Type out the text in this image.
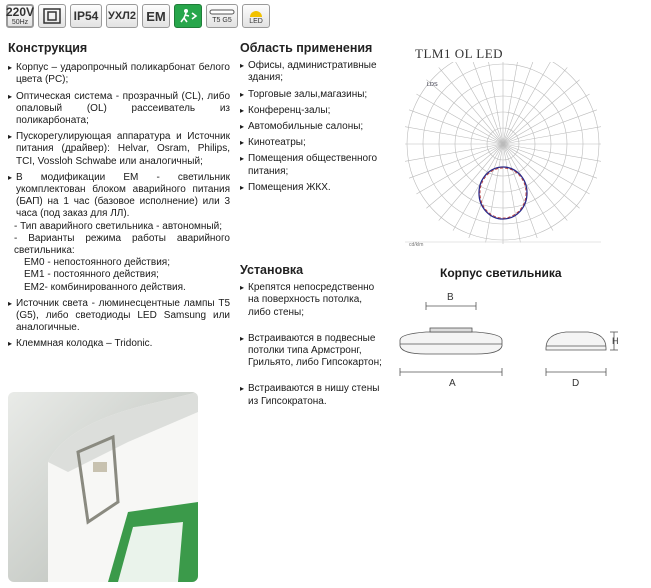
220V
50Hz	IP54 УХЛ2 EM	T5 G5 LED
Конструкция
▸ Корпус – ударопрочный поликарбонат белого цвета (PC);
▸ Оптическая система - прозрачный (CL), либо опаловый (OL) рассеиватель из поликарбоната;
▸ Пускорегулирующая аппаратура и Источник питания (драйвер): Helvar, Osram, Philips, TCI, Vossloh Schwabe или аналогичный;
▸ В модификации EM - светильник укомплектован блоком аварийного питания (БАП) на 1 час (базовое исполнение) или 3 часа (под заказ для ЛЛ).
- Тип аварийного светильника - автономный;
- Варианты режима работы аварийного светильника:
EM0 - непостоянного действия;
EM1 - постоянного действия;
EM2- комбинированного действия.
▸ Источник света - люминесцентные лампы T5 (G5), либо светодиоды LED Samsung или аналогичные.
▸ Клеммная колодка – Tridonic.
Область применения
▸ Офисы, административные здания;
▸ Торговые залы,магазины;
▸ Конференц-залы;
▸ Автомобильные салоны;
▸ Кинотеатры;
▸ Помещения общественного питания;
▸ Помещения ЖКХ.
Установка
▸ Крепятся непосредственно на поверхность потолка, либо стены;
▸ Встраиваются в подвесные потолки типа Армстронг, Грильято, либо Гипсокартон;
▸ Встраиваются в нишу стены из Гипсократона.
TLM1 OL LED
LDS
cd/klm
Корпус светильника
B
A	D
H
